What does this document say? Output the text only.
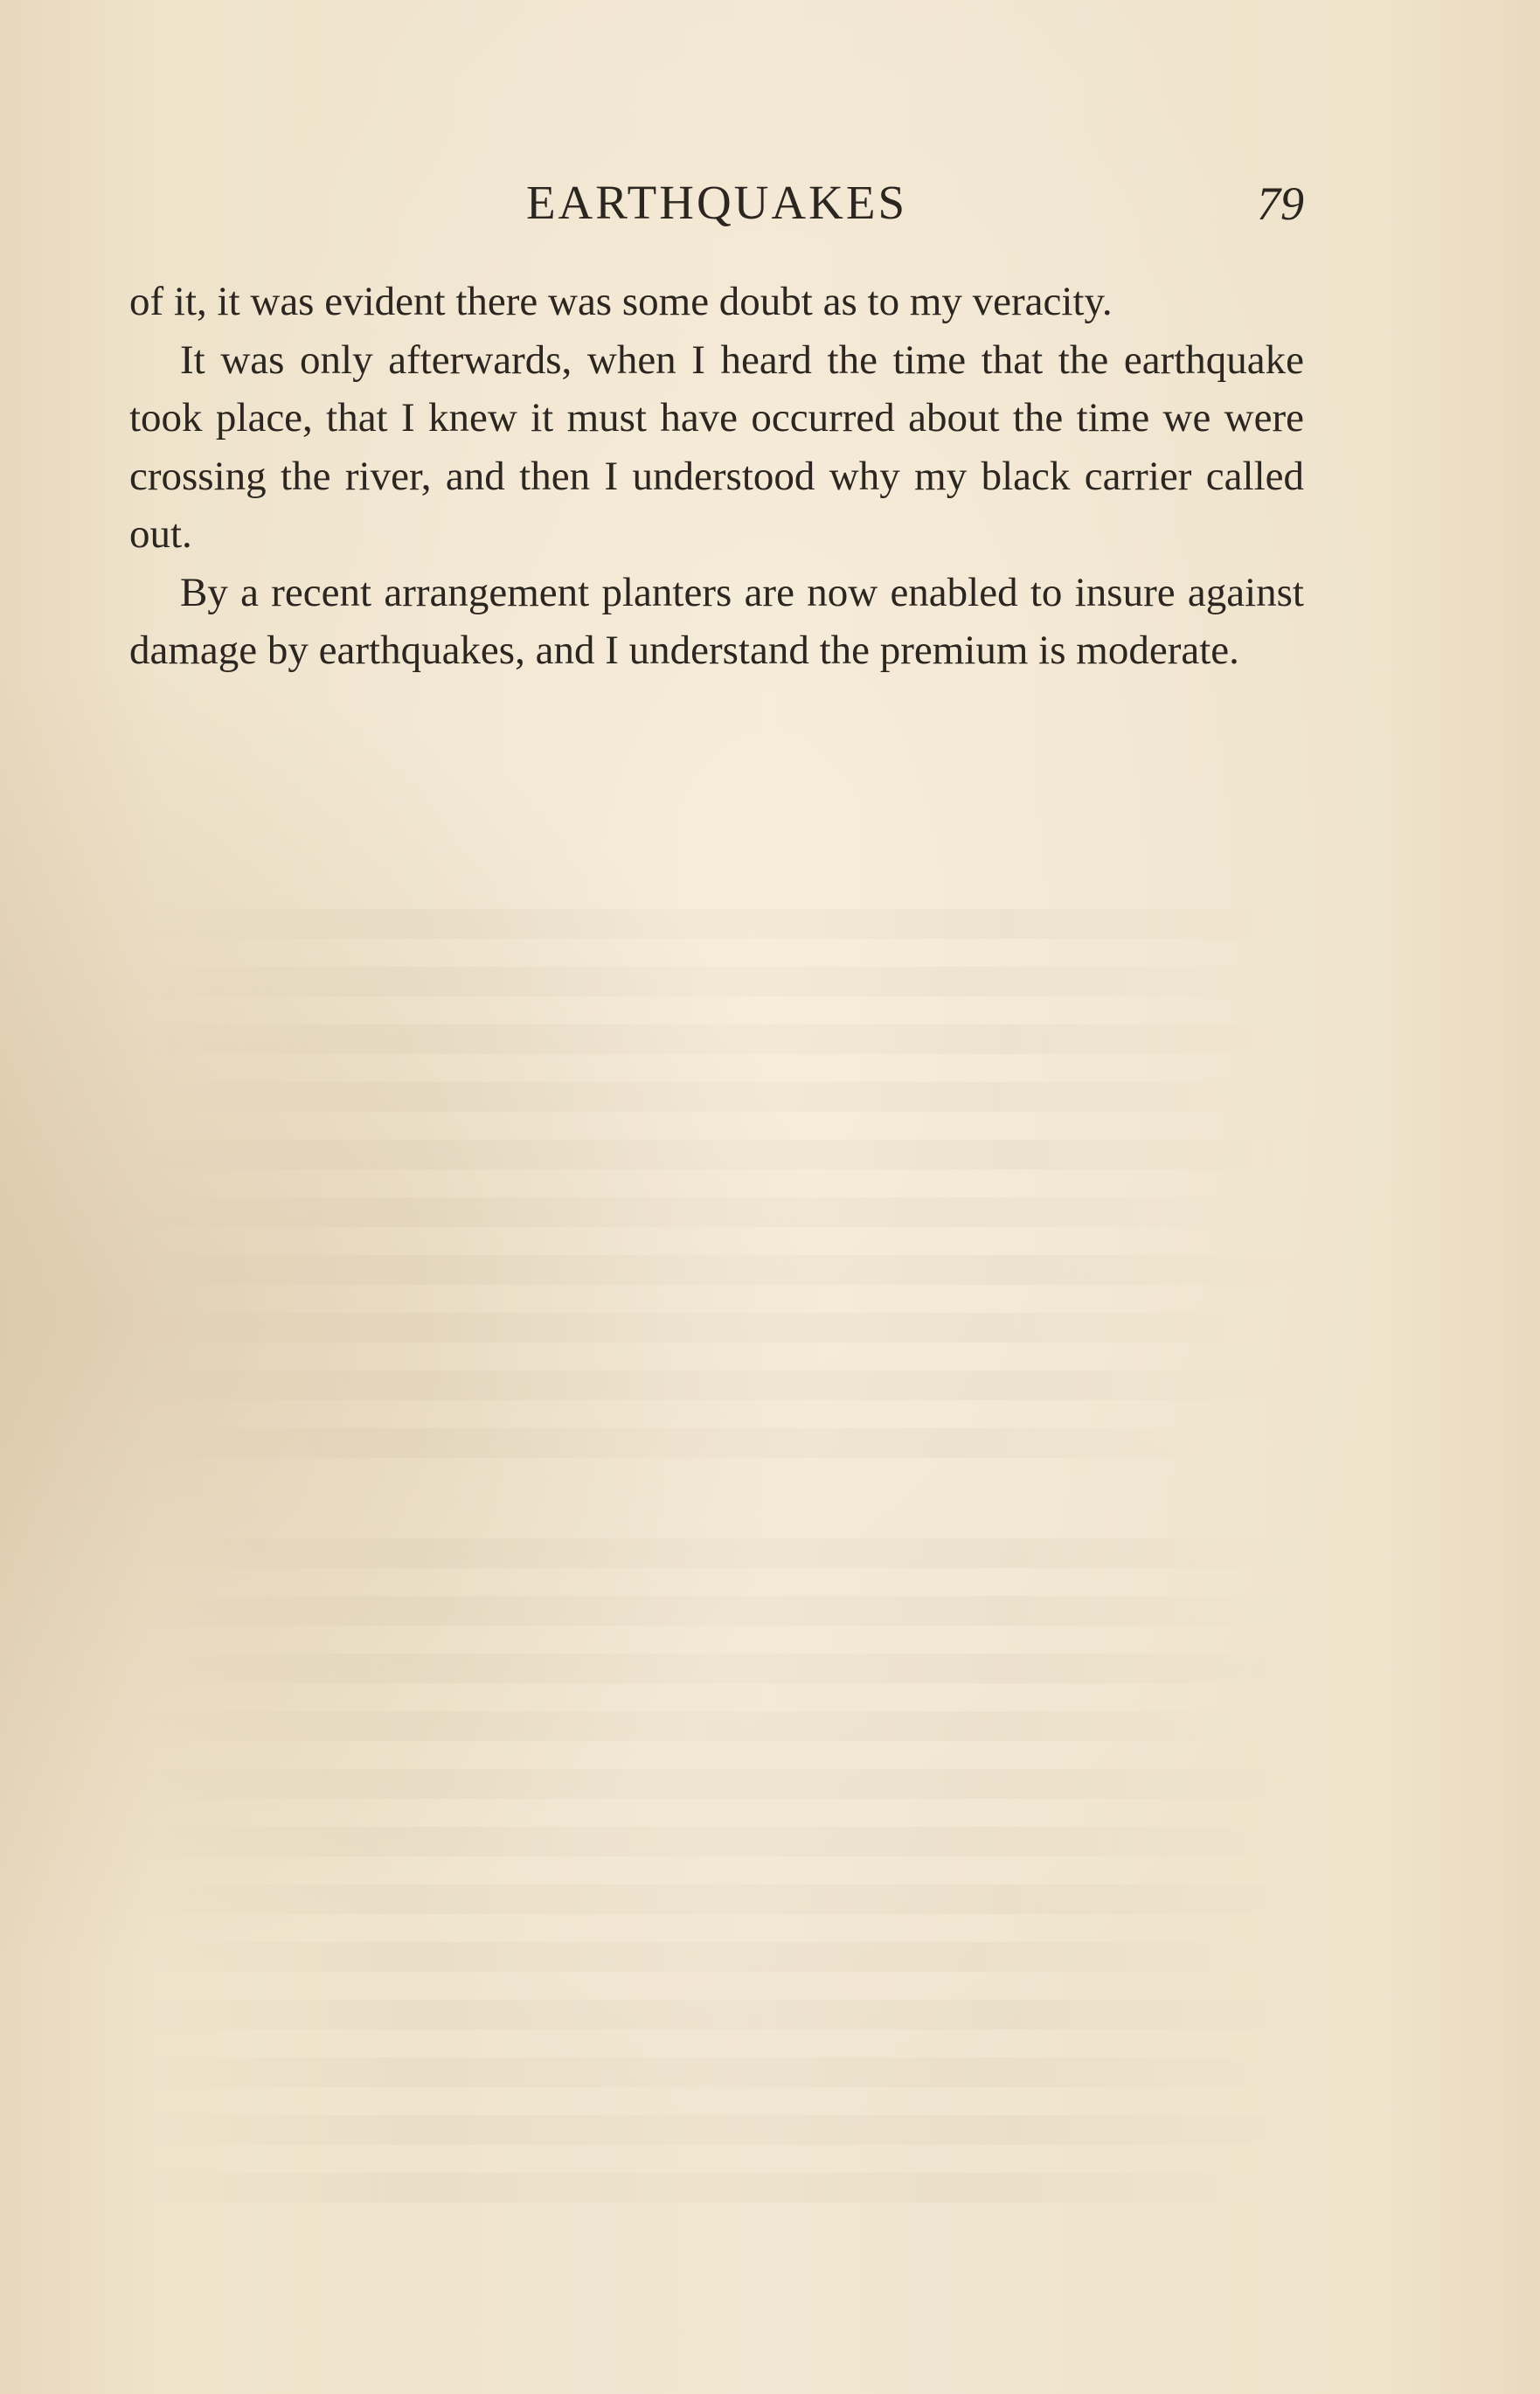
EARTHQUAKES	79

of it, it was evident there was some doubt as to my veracity.

It was only afterwards, when I heard the time that the earthquake took place, that I knew it must have occurred about the time we were crossing the river, and then I understood why my black carrier called out.

By a recent arrangement planters are now enabled to insure against damage by earthquakes, and I understand the premium is moderate.
